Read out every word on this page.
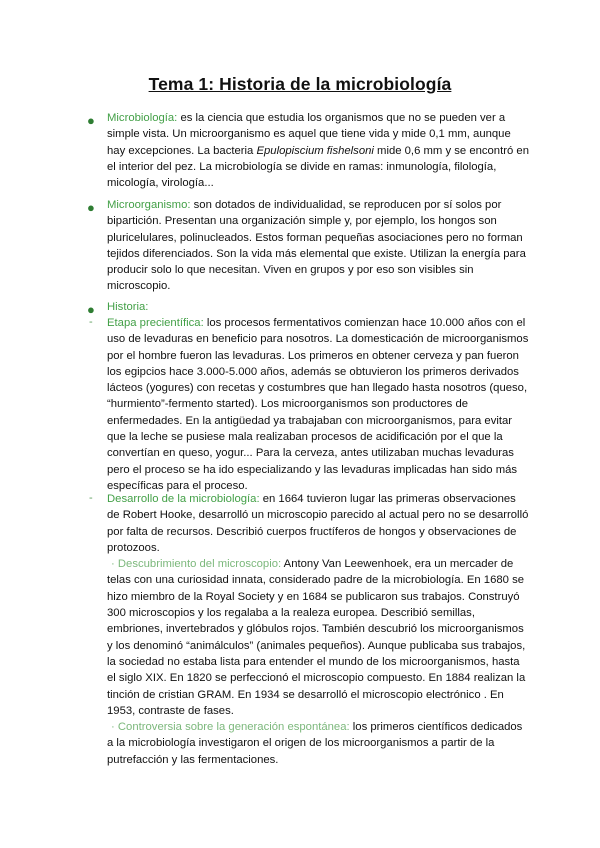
Tema 1: Historia de la microbiología
● Microbiología: es la ciencia que estudia los organismos que no se pueden ver a simple vista. Un microorganismo es aquel que tiene vida y mide 0,1 mm, aunque hay excepciones. La bacteria Epulopiscium fishelsoni mide 0,6 mm y se encontró en el interior del pez. La microbiología se divide en ramas: inmunología, filología, micología, virología...
● Microorganismo: son dotados de individualidad, se reproducen por sí solos por bipartición. Presentan una organización simple y, por ejemplo, los hongos son pluricelulares, polinucleados. Estos forman pequeñas asociaciones pero no forman tejidos diferenciados. Son la vida más elemental que existe. Utilizan la energía para producir solo lo que necesitan. Viven en grupos y por eso son visibles sin microscopio.
● Historia:
- Etapa precientífica: los procesos fermentativos comienzan hace 10.000 años con el uso de levaduras en beneficio para nosotros. La domesticación de microorganismos por el hombre fueron las levaduras. Los primeros en obtener cerveza y pan fueron los egipcios hace 3.000-5.000 años, además se obtuvieron los primeros derivados lácteos (yogures) con recetas y costumbres que han llegado hasta nosotros (queso, “hurmiento”-fermento started). Los microorganismos son productores de enfermedades. En la antigüedad ya trabajaban con microorganismos, para evitar que la leche se pusiese mala realizaban procesos de acidificación por el que la convertían en queso, yogur... Para la cerveza, antes utilizaban muchas levaduras pero el proceso se ha ido especializando y las levaduras implicadas han sido más específicas para el proceso.
- Desarrollo de la microbiología: en 1664 tuvieron lugar las primeras observaciones de Robert Hooke, desarrolló un microscopio parecido al actual pero no se desarrolló por falta de recursos. Describió cuerpos fructíferos de hongos y observaciones de protozoos.
· Descubrimiento del microscopio: Antony Van Leewenhoek, era un mercader de telas con una curiosidad innata, considerado padre de la microbiología. En 1680 se hizo miembro de la Royal Society y en 1684 se publicaron sus trabajos. Construyó 300 microscopios y los regalaba a la realeza europea. Describió semillas, embriones, invertebrados y glóbulos rojos. También descubrió los microorganismos y los denominó “animálculos” (animales pequeños). Aunque publicaba sus trabajos, la sociedad no estaba lista para entender el mundo de los microorganismos, hasta el siglo XIX. En 1820 se perfeccionó el microscopio compuesto. En 1884 realizan la tinción de cristian GRAM. En 1934 se desarrolló el microscopio electrónico . En 1953, contraste de fases.
· Controversia sobre la generación espontánea: los primeros científicos dedicados a la microbiología investigaron el origen de los microorganismos a partir de la putrefacción y las fermentaciones.
